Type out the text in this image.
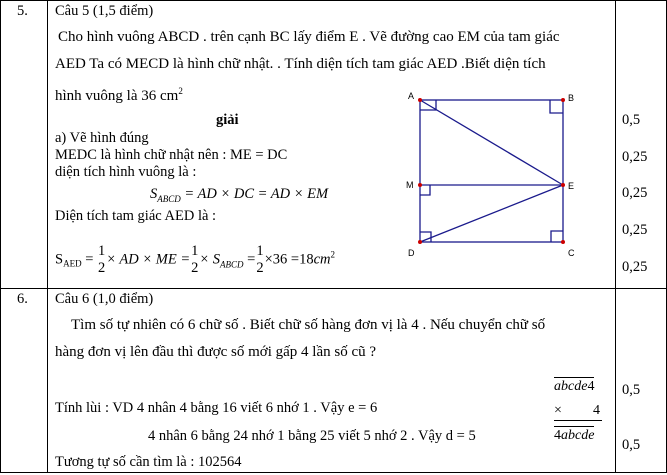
5. Câu 5 (1,5 điểm)
Cho hình vuông ABCD . trên cạnh BC lấy điểm E . Vẽ đường cao EM của tam giác
AED Ta có MECD là hình chữ nhật. . Tính diện tích tam giác AED .Biết diện tích
hình vuông là 36 $cm^2$
giải
a) Vẽ hình đúng
MEDC là hình chữ nhật nên : ME = DC
diện tích hình vuông là :
$S_{ABCD}$ = AD × DC = AD × EM
Diện tích tam giác AED là :
$S_{AED}$ =
1
2
× AD × ME =
1
2
× $S_{ABCD}$ =
1
2
$\times 36 =18cm^2$
A	B
M	E
D	C
0,5
0,25
0,25
0,25
0,25
6. Câu 6 (1,0 điểm)
Tìm số tự nhiên có 6 chữ số . Biết chữ số hàng đơn vị là 4 . Nếu chuyển chữ số
hàng đơn vị lên đầu thì được số mới gấp 4 lần số cũ ?
Tính lùi : VD 4 nhân 4 bằng 16 viết 6 nhớ 1 . Vậy e = 6
4 nhân 6 bằng 24 nhớ 1 bằng 25 viết 5 nhớ 2 . Vậy d = 5
Tương tự số cần tìm là : 102564
abcde4
× 4
4abcde
0,5
0,5
